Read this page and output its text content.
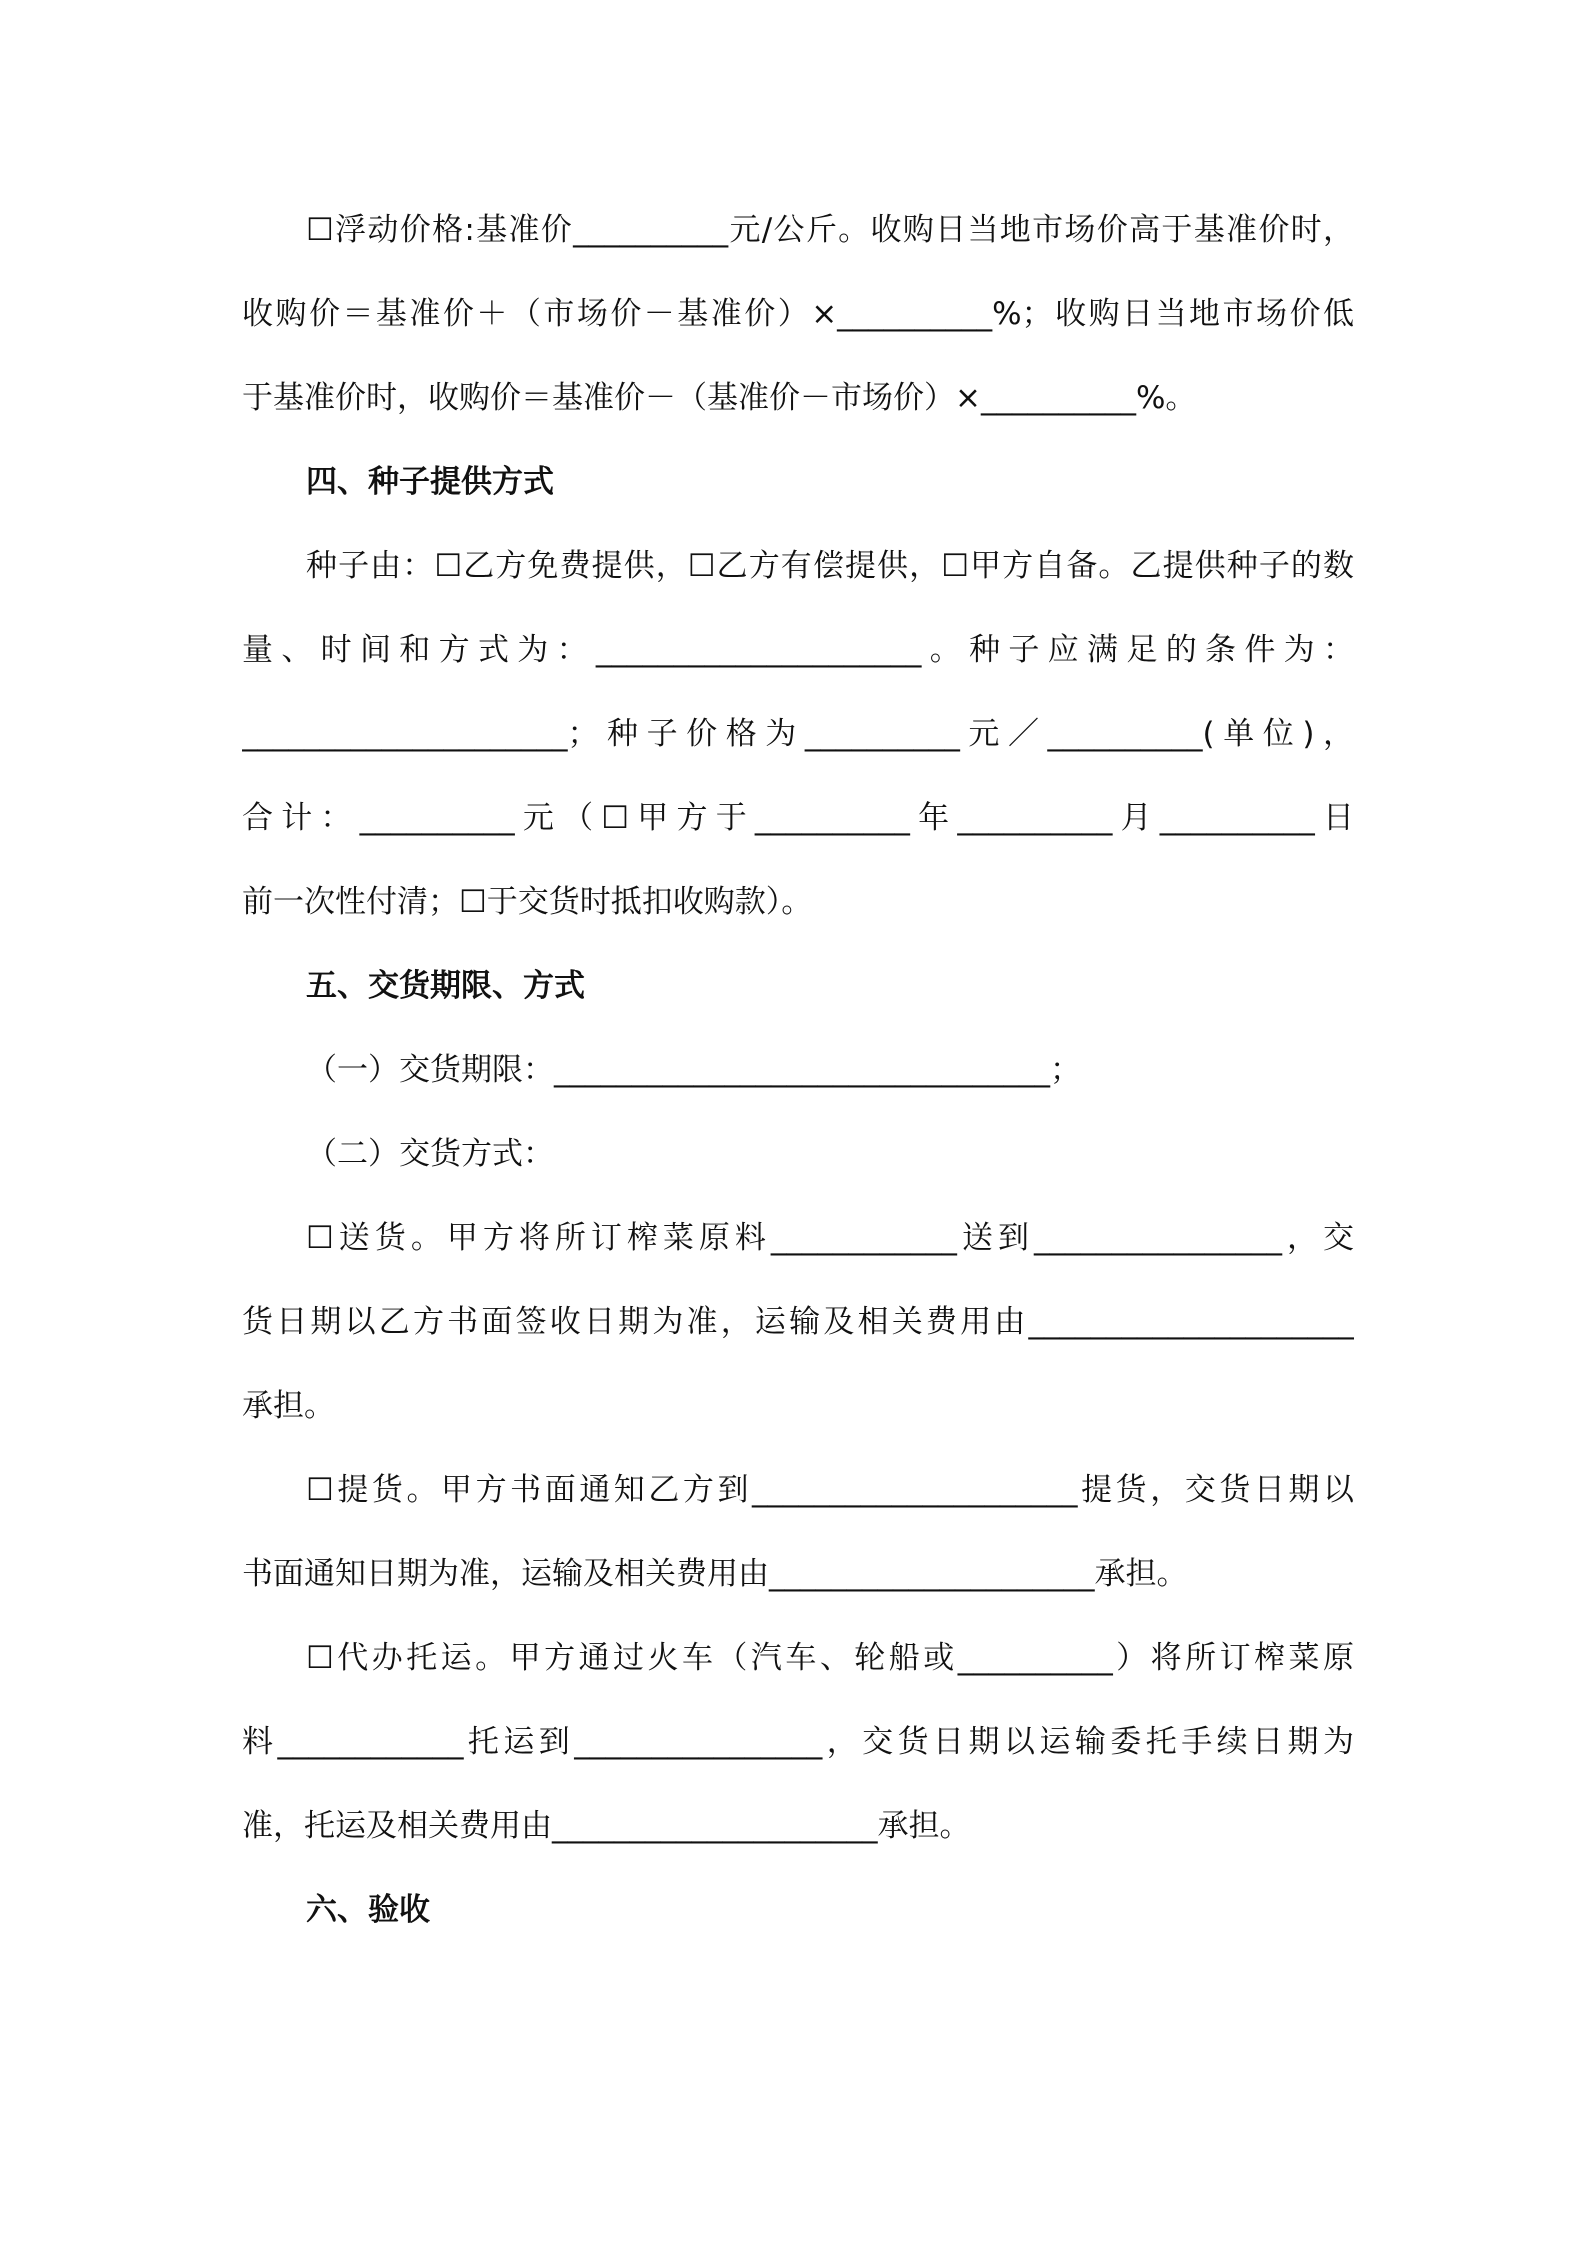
☐浮动价格:基准价__________元/公斤。收购日当地市场价高于基准价时，
收购价＝基准价＋（市场价－基准价）×__________%；收购日当地市场价低
于基准价时，收购价＝基准价－（基准价－市场价）×__________%。
四、种子提供方式
种子由：☐乙方免费提供，☐乙方有偿提供，☐甲方自备。乙提供种子的数
量、时间和方式为：_____________________。种子应满足的条件为：
_____________________；种子价格为__________元／__________(单位)，
合计：__________元（☐甲方于__________年__________月__________日
前一次性付清；☐于交货时抵扣收购款）。
五、交货期限、方式
（一）交货期限：________________________________；
（二）交货方式：
☐送货。甲方将所订榨菜原料____________送到________________，交
货日期以乙方书面签收日期为准，运输及相关费用由_____________________
承担。
☐提货。甲方书面通知乙方到_____________________提货，交货日期以
书面通知日期为准，运输及相关费用由_____________________承担。
☐代办托运。甲方通过火车（汽车、轮船或__________）将所订榨菜原
料____________托运到________________，交货日期以运输委托手续日期为
准，托运及相关费用由_____________________承担。
六、验收
